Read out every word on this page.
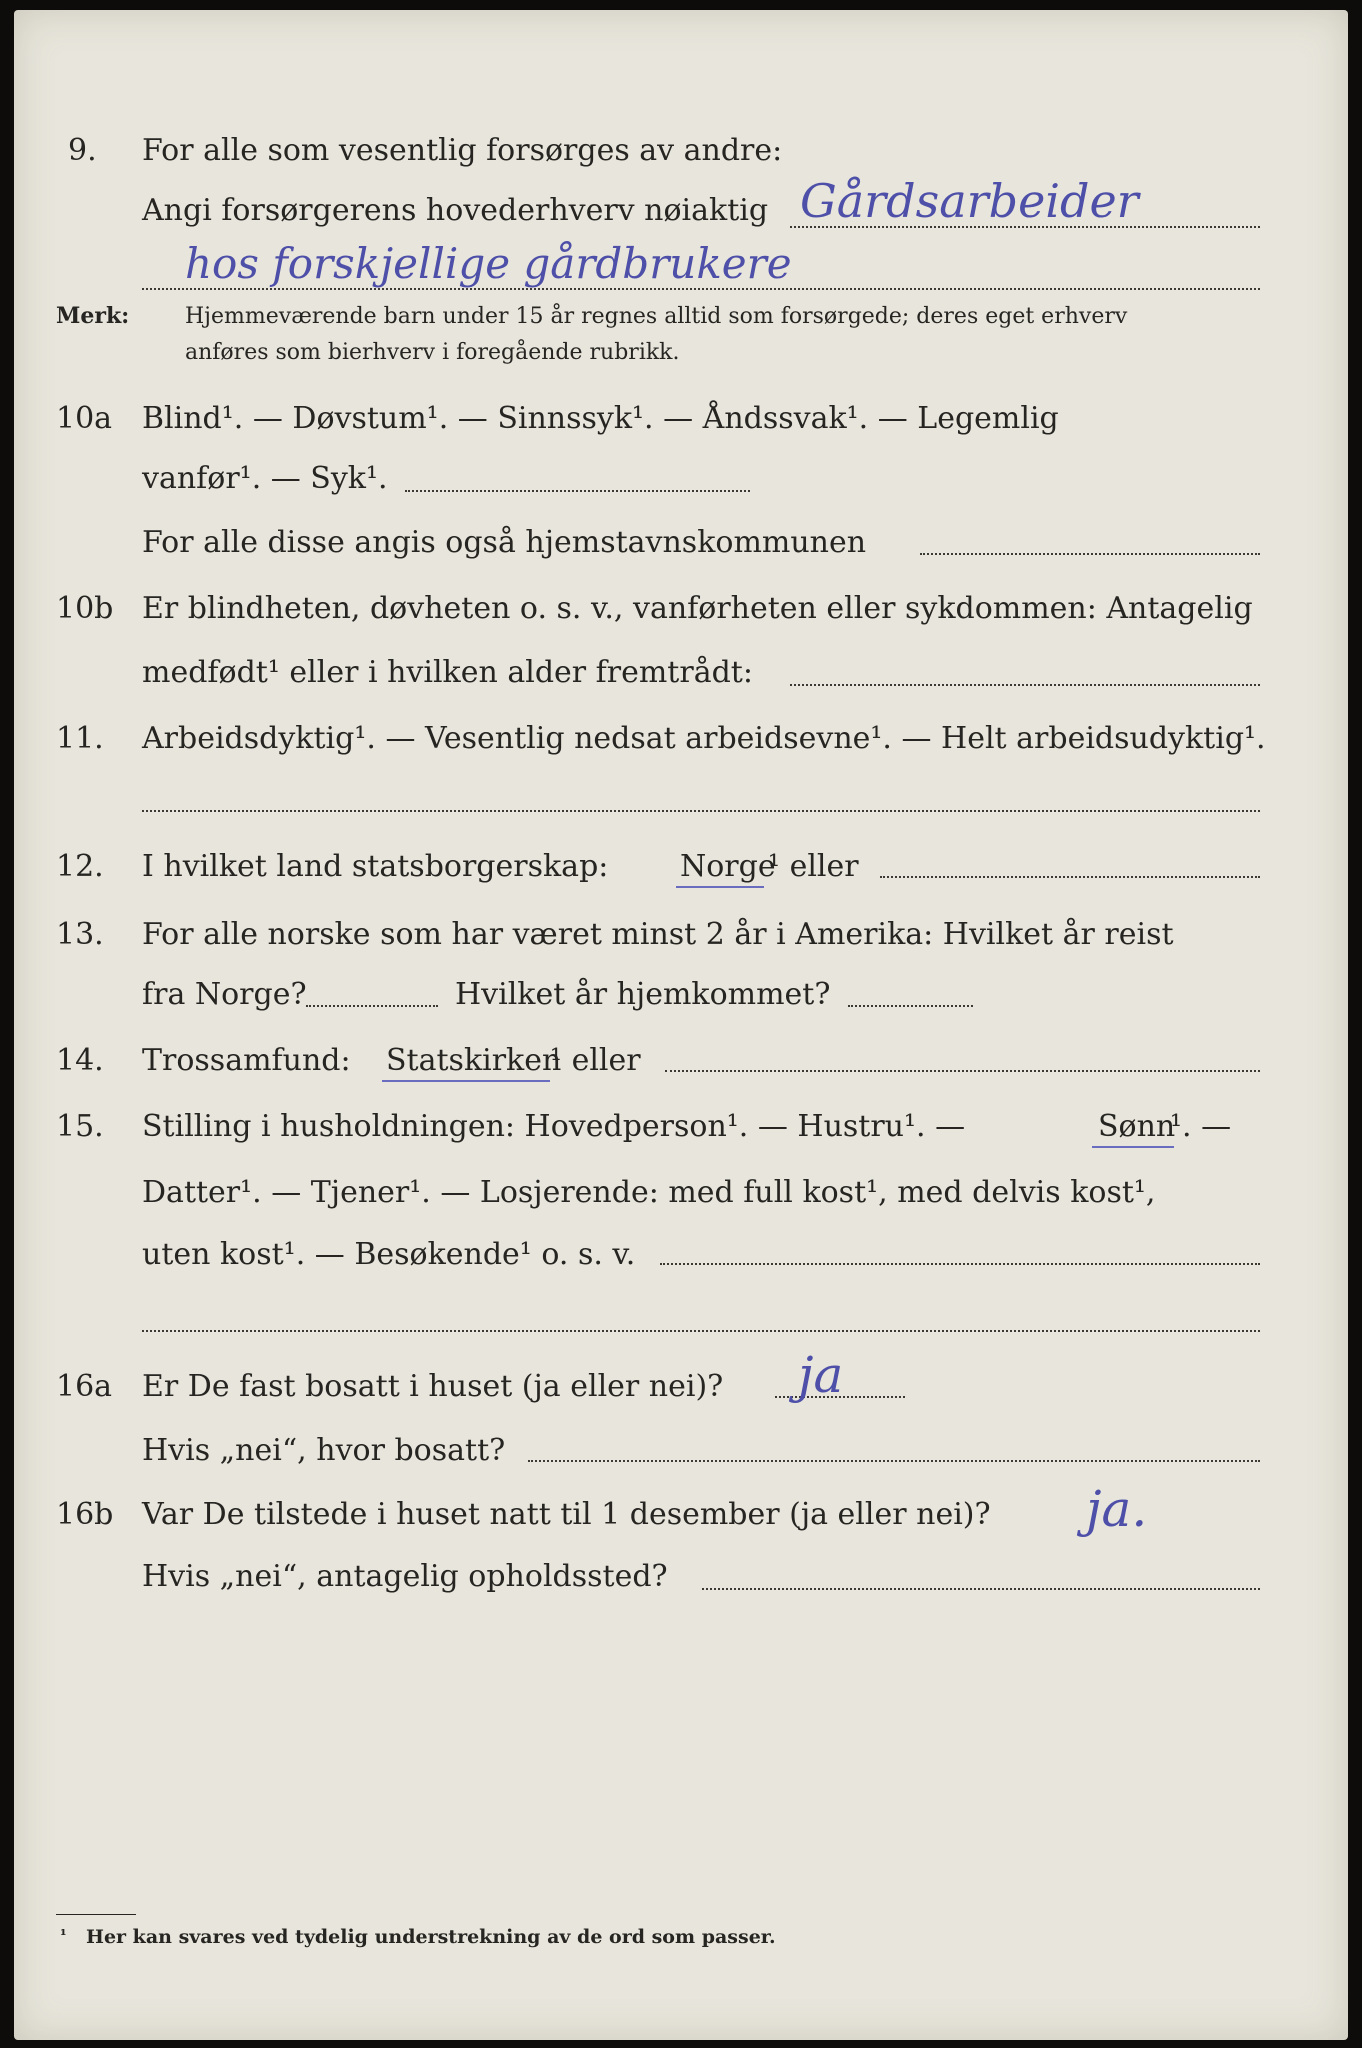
9. For alle som vesentlig forsørges av andre:
Angi forsørgerens hovederhverv nøiaktig Gårdsarbeider
hos forskjellige gårdbrukere
Merk:	Hjemmeværende barn under 15 år regnes alltid som forsørgede; deres eget erhverv
anføres som bierhverv i foregående rubrikk.
10a Blind¹. — Døvstum¹. — Sinnssyk¹. — Åndssvak¹. — Legemlig
vanfør¹. — Syk¹.
For alle disse angis også hjemstavnskommunen
10b Er blindheten, døvheten o. s. v., vanførheten eller sykdommen: Antagelig
medfødt¹ eller i hvilken alder fremtrådt:
11. Arbeidsdyktig¹. — Vesentlig nedsat arbeidsevne¹. — Helt arbeidsudyktig¹.
12. I hvilket land statsborgerskap: Norge
¹ eller
13. For alle norske som har været minst 2 år i Amerika: Hvilket år reist
fra Norge?	Hvilket år hjemkommet?
14. Trossamfund: Statskirken
¹ eller
15. Stilling i husholdningen: Hovedperson¹. — Hustru¹. —	Sønn
¹. —
Datter¹. — Tjener¹. — Losjerende: med full kost¹, med delvis kost¹,
uten kost¹. — Besøkende¹ o. s. v.
16a Er De fast bosatt i huset (ja eller nei)? ja
Hvis „nei“, hvor bosatt?
16b Var De tilstede i huset natt til 1 desember (ja eller nei)? ja.
Hvis „nei“, antagelig opholdssted?
¹ Her kan svares ved tydelig understrekning av de ord som passer.
